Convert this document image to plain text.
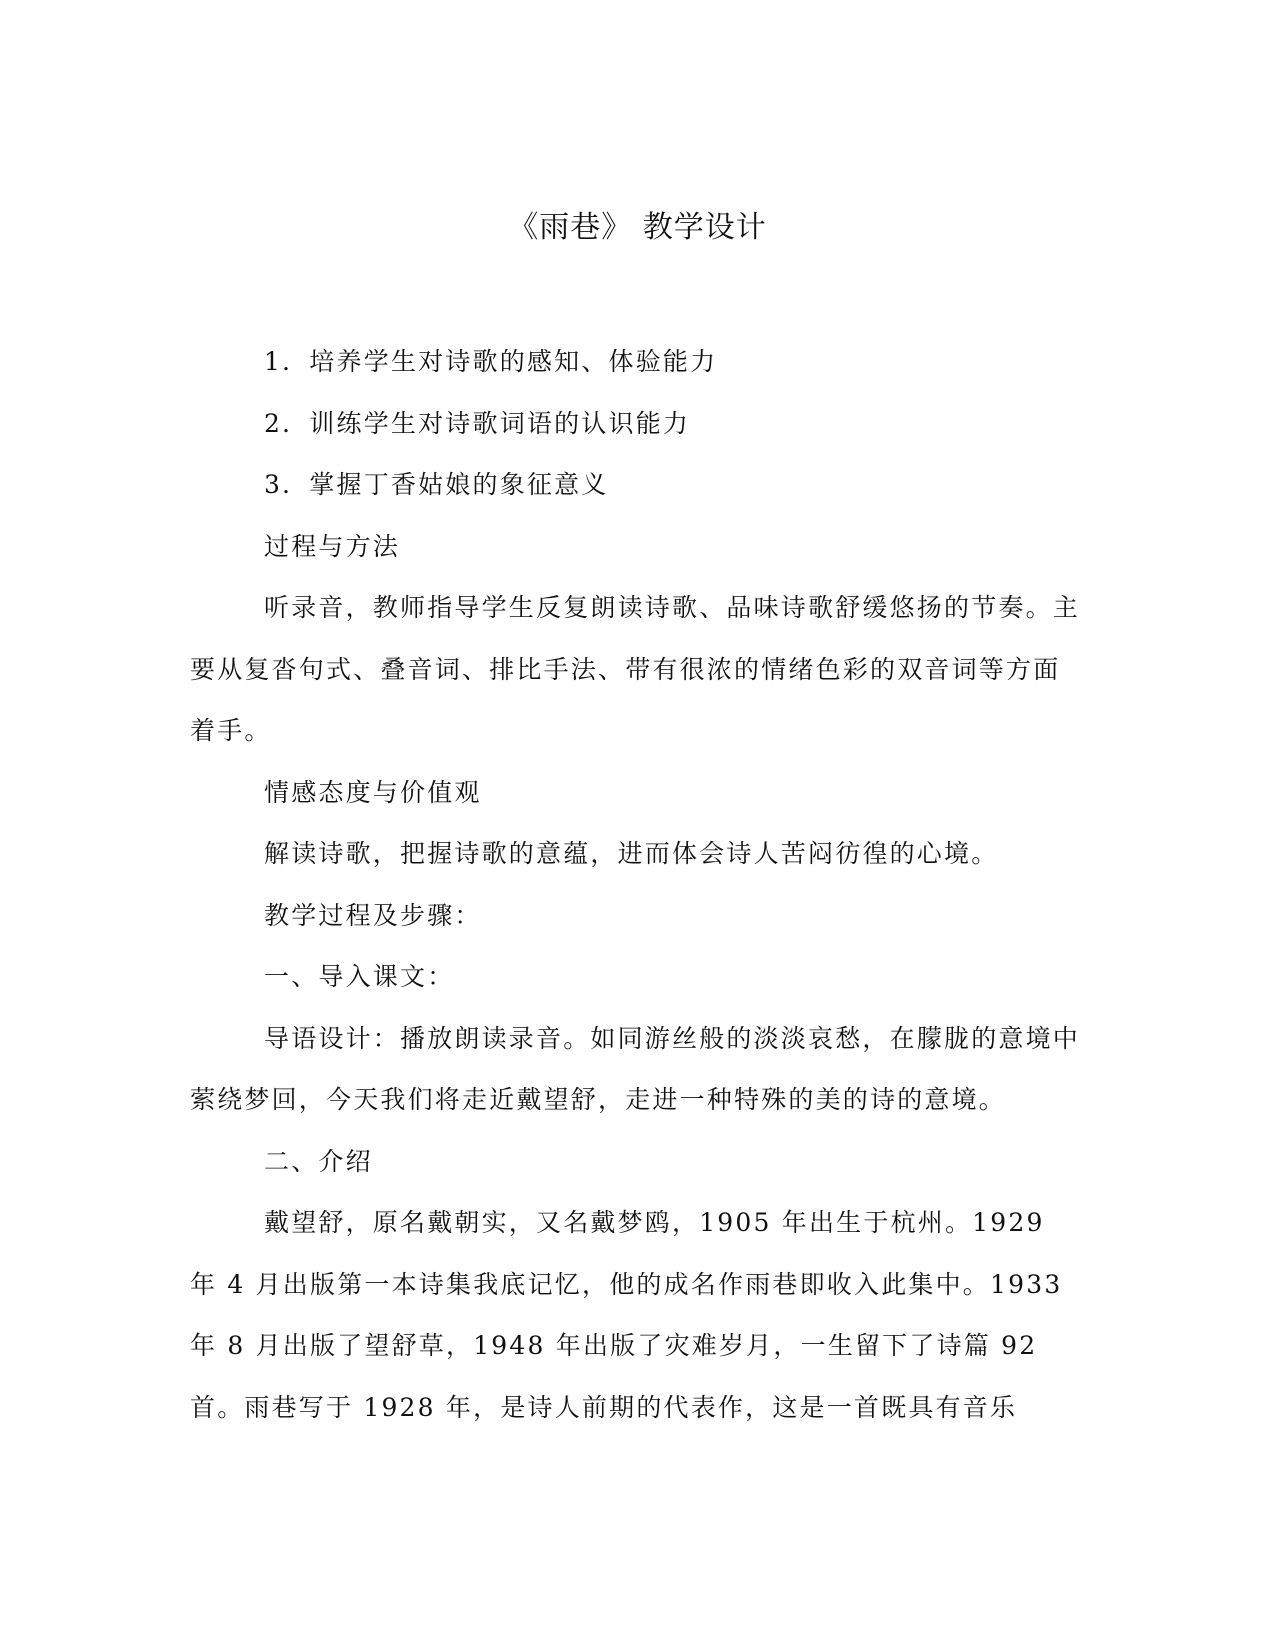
《雨巷》 教学设计

1．培养学生对诗歌的感知、体验能力

2．训练学生对诗歌词语的认识能力

3．掌握丁香姑娘的象征意义

过程与方法

听录音，教师指导学生反复朗读诗歌、品味诗歌舒缓悠扬的节奏。主要从复沓句式、叠音词、排比手法、带有很浓的情绪色彩的双音词等方面着手。

情感态度与价值观

解读诗歌，把握诗歌的意蕴，进而体会诗人苦闷彷徨的心境。

教学过程及步骤：

一、导入课文：

导语设计：播放朗读录音。如同游丝般的淡淡哀愁，在朦胧的意境中萦绕梦回，今天我们将走近戴望舒，走进一种特殊的美的诗的意境。

二、介绍

戴望舒，原名戴朝实，又名戴梦鸥，1905 年出生于杭州。1929 年 4 月出版第一本诗集我底记忆，他的成名作雨巷即收入此集中。1933 年 8 月出版了望舒草，1948 年出版了灾难岁月，一生留下了诗篇 92 首。雨巷写于 1928 年，是诗人前期的代表作，这是一首既具有音乐
